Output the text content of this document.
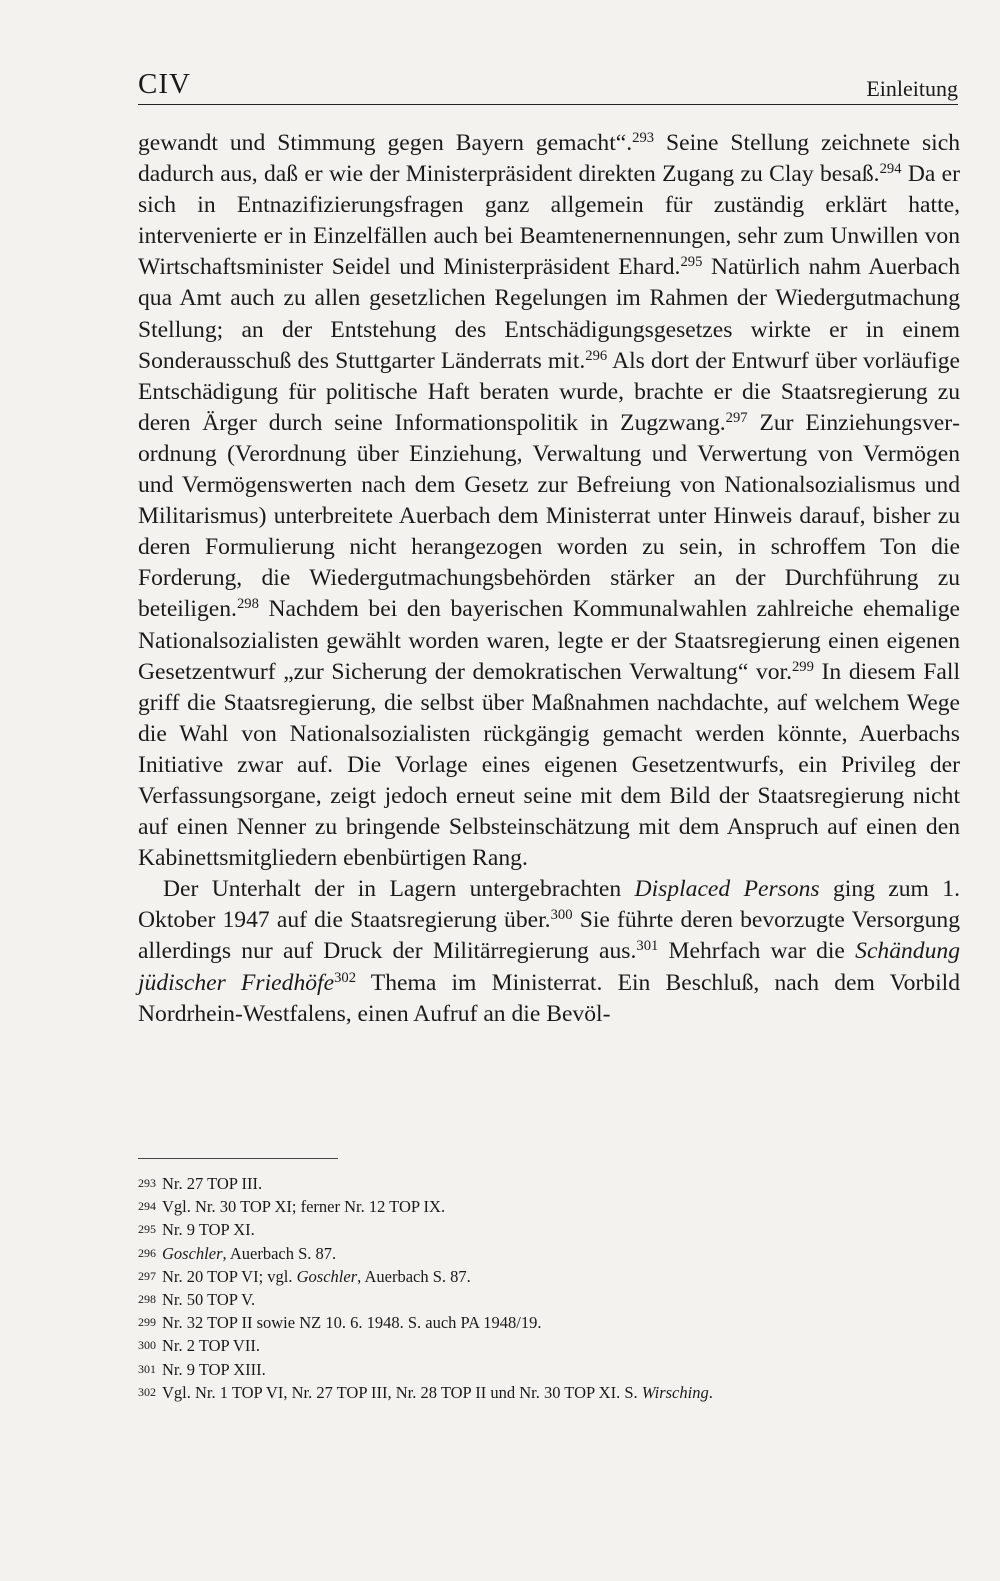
CIV	Einleitung

gewandt und Stimmung gegen Bayern gemacht“.$^{293}$ Seine Stellung zeichnete sich dadurch aus, daß er wie der Ministerpräsident direkten Zugang zu Clay besaß.$^{294}$ Da er sich in Entnazifizierungsfragen ganz allgemein für zuständig erklärt hatte, intervenierte er in Einzelfällen auch bei Beamtenernennungen, sehr zum Unwillen von Wirtschaftsminister Seidel und Ministerpräsident Ehard.$^{295}$ Natürlich nahm Auerbach qua Amt auch zu allen gesetzlichen Regelungen im Rahmen der Wiedergutmachung Stellung; an der Entstehung des Entschädigungsgesetzes wirkte er in einem Sonderausschuß des Stuttgarter Länderrats mit.$^{296}$ Als dort der Entwurf über vorläufige Entschädigung für politische Haft beraten wurde, brachte er die Staatsregierung zu deren Ärger durch seine Informationspolitik in Zugzwang.$^{297}$ Zur Einziehungsverordnung (Verordnung über Einziehung, Verwaltung und Verwertung von Vermögen und Vermögenswerten nach dem Gesetz zur Befreiung von Nationalsozialismus und Militarismus) unterbreitete Auerbach dem Ministerrat unter Hinweis darauf, bisher zu deren Formulierung nicht herangezogen worden zu sein, in schroffem Ton die Forderung, die Wiedergutmachungsbehörden stärker an der Durchführung zu beteiligen.$^{298}$ Nachdem bei den bayerischen Kommunalwahlen zahlreiche ehemalige Nationalsozialisten gewählt worden waren, legte er der Staatsregierung einen eigenen Gesetzentwurf „zur Sicherung der demokratischen Verwaltung“ vor.$^{299}$ In diesem Fall griff die Staatsregierung, die selbst über Maßnahmen nachdachte, auf welchem Wege die Wahl von Nationalsozialisten rückgängig gemacht werden könnte, Auerbachs Initiative zwar auf. Die Vorlage eines eigenen Gesetzentwurfs, ein Privileg der Verfassungsorgane, zeigt jedoch erneut seine mit dem Bild der Staatsregierung nicht auf einen Nenner zu bringende Selbsteinschätzung mit dem Anspruch auf einen den Kabinettsmitgliedern ebenbürtigen Rang.

Der Unterhalt der in Lagern untergebrachten Displaced Persons ging zum 1. Oktober 1947 auf die Staatsregierung über.$^{300}$ Sie führte deren bevorzugte Versorgung allerdings nur auf Druck der Militärregierung aus.$^{301}$ Mehrfach war die Schändung jüdischer Friedhöfe$^{302}$ Thema im Ministerrat. Ein Beschluß, nach dem Vorbild Nordrhein-Westfalens, einen Aufruf an die Bevöl-

293 Nr. 27 TOP III.
294 Vgl. Nr. 30 TOP XI; ferner Nr. 12 TOP IX.
295 Nr. 9 TOP XI.
296 Goschler, Auerbach S. 87.
297 Nr. 20 TOP VI; vgl. Goschler, Auerbach S. 87.
298 Nr. 50 TOP V.
299 Nr. 32 TOP II sowie NZ 10. 6. 1948. S. auch PA 1948/19.
300 Nr. 2 TOP VII.
301 Nr. 9 TOP XIII.
302 Vgl. Nr. 1 TOP VI, Nr. 27 TOP III, Nr. 28 TOP II und Nr. 30 TOP XI. S. Wirsching.
